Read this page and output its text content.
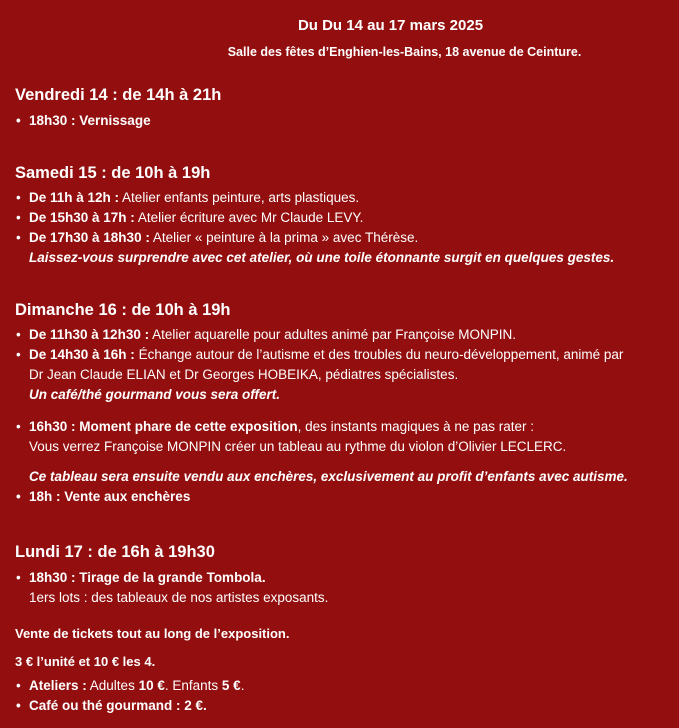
Du Du 14 au 17 mars 2025
Salle des fêtes d’Enghien-les-Bains, 18 avenue de Ceinture.
Vendredi 14 : de 14h à 21h
• 18h30 : Vernissage
Samedi 15 : de 10h à 19h
• De 11h à 12h : Atelier enfants peinture, arts plastiques.
• De 15h30 à 17h : Atelier écriture avec Mr Claude LEVY.
• De 17h30 à 18h30 : Atelier « peinture à la prima » avec Thérèse.
Laissez-vous surprendre avec cet atelier, où une toile étonnante surgit en quelques gestes.
Dimanche 16 : de 10h à 19h
• De 11h30 à 12h30 : Atelier aquarelle pour adultes animé par Françoise MONPIN.
• De 14h30 à 16h : Échange autour de l’autisme et des troubles du neuro-développement, animé par
Dr Jean Claude ELIAN et Dr Georges HOBEIKA, pédiatres spécialistes.
Un café/thé gourmand vous sera offert.
• 16h30 : Moment phare de cette exposition, des instants magiques à ne pas rater :
Vous verrez Françoise MONPIN créer un tableau au rythme du violon d’Olivier LECLERC.
Ce tableau sera ensuite vendu aux enchères, exclusivement au profit d’enfants avec autisme.
• 18h : Vente aux enchères
Lundi 17 : de 16h à 19h30
• 18h30 : Tirage de la grande Tombola.
1ers lots : des tableaux de nos artistes exposants.
Vente de tickets tout au long de l’exposition.
3 € l’unité et 10 € les 4.
• Ateliers : Adultes 10 €. Enfants 5 €.
• Café ou thé gourmand : 2 €.
